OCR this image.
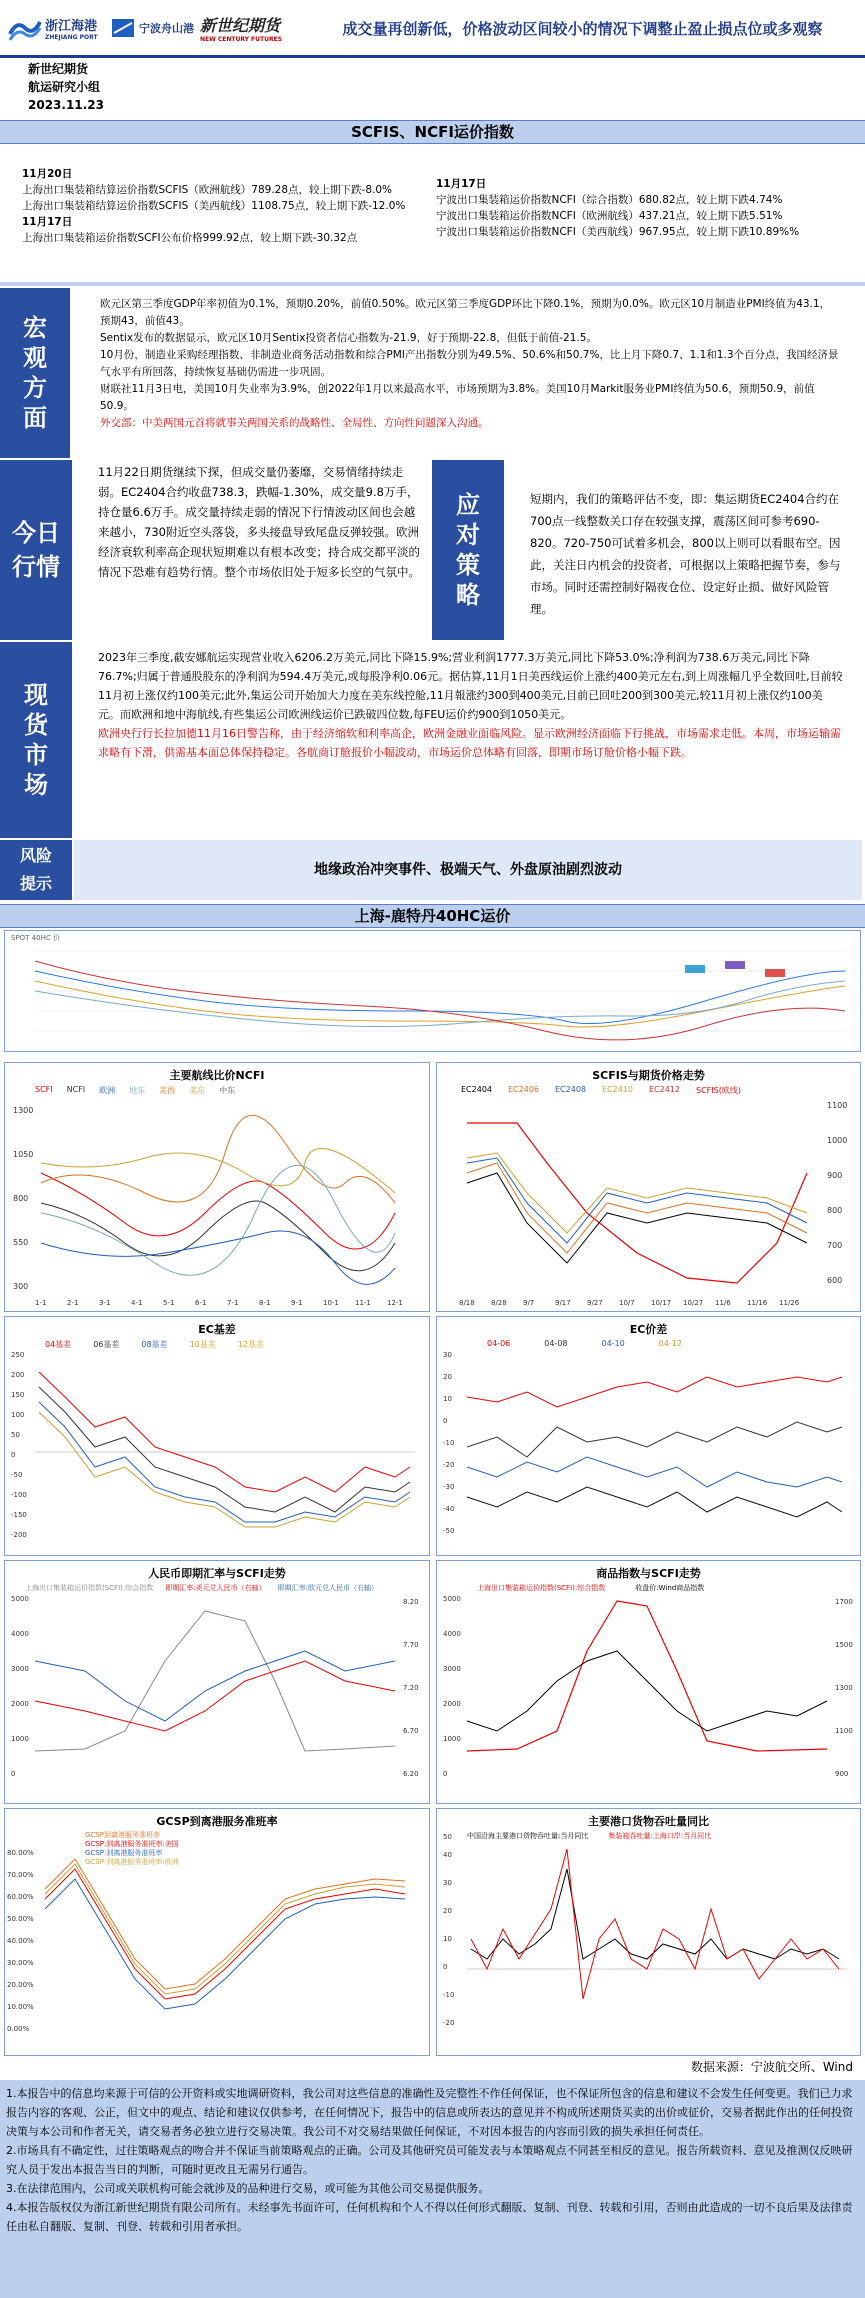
浙江海港
ZHEJIANG PORT
宁波舟山港 新世纪期货
NEW CENTURY FUTURES
成交量再创新低，价格波动区间较小的情况下调整止盈止损点位或多观察
新世纪期货
航运研究小组
2023.11.23
SCFIS、NCFI运价指数

11月20日

上海出口集装箱结算运价指数SCFIS（欧洲航线）789.28点，较上期下跌-8.0%

上海出口集装箱结算运价指数SCFIS（美西航线）1108.75点，较上期下跌-12.0%

11月17日

上海出口集装箱运价指数SCFI公布价格999.92点，较上期下跌-30.32点

11月17日

宁波出口集装箱运价指数NCFI（综合指数）680.82点，较上期下跌4.74%

宁波出口集装箱运价指数NCFI（欧洲航线）437.21点，较上期下跌5.51%

宁波出口集装箱运价指数NCFI（美西航线）967.95点，较上期下跌10.89%%

宏观方面

欧元区第三季度GDP年率初值为0.1%，预期0.20%，前值0.50%。欧元区第三季度GDP环比下降0.1%，预期为0.0%。欧元区10月制造业PMI终值为43.1，预期43，前值43。

Sentix发布的数据显示，欧元区10月Sentix投资者信心指数为-21.9，好于预期-22.8，但低于前值-21.5。

10月份，制造业采购经理指数、非制造业商务活动指数和综合PMI产出指数分别为49.5%、50.6%和50.7%，比上月下降0.7、1.1和1.3个百分点，我国经济景气水平有所回落，持续恢复基础仍需进一步巩固。

财联社11月3日电，美国10月失业率为3.9%，创2022年1月以来最高水平，市场预期为3.8%。美国10月Markit服务业PMI终值为50.6，预期50.9，前值50.9。

外交部：中美两国元首将就事关两国关系的战略性、全局性、方向性问题深入沟通。

今日行情

11月22日期货继续下探，但成交量仍萎靡，交易情绪持续走弱。EC2404合约收盘738.3，跌幅-1.30%，成交量9.8万手，持仓量6.6万手。成交量持续走弱的情况下行情波动区间也会越来越小，730附近空头落袋，多头接盘导致尾盘反弹较强。欧洲经济衰软利率高企现状短期难以有根本改变；持合成交都平淡的情况下恐难有趋势行情。整个市场依旧处于短多长空的气氛中。

应对策略

短期内，我们的策略评估不变，即：集运期货EC2404合约在700点一线整数关口存在较强支撑，震荡区间可参考690-820。720-750可试着多机会，800以上则可以看眼布空。因此，关注日内机会的投资者，可根据以上策略把握节奏，参与市场。同时还需控制好隔夜仓位、设定好止损、做好风险管理。

现货市场

2023年三季度,截安娜航运实现营业收入6206.2万美元,同比下降15.9%;营业利润1777.3万美元,同比下降53.0%;净利润为738.6万美元,同比下降76.7%;归属于普通股股东的净利润为594.4万美元,或每股净利0.06元。据估算,11月1日美西线运价上涨约400美元左右,到上周涨幅几乎全数回吐,目前较11月初上涨仅约100美元;此外,集运公司开始加大力度在美东线控舱,11月報涨约300到400美元,目前已回吐200到300美元,较11月初上涨仅约100美元。而欧洲和地中海航线,有些集运公司欧洲线运价已跌破四位数,每FEU运价约900到1050美元。

欧洲央行行长拉加德11月16日警告称，由于经济缩软和利率高企，欧洲金融业面临风险。显示欧洲经济面临下行挑战，市场需求走低。本周，市场运输需求略有下滑，供需基本面总体保持稳定。各航商订舱报价小幅波动，市场运价总体略有回落，即期市场订舱价格小幅下跌。

风险提示
地缘政治冲突事件、极端天气、外盘原油剧烈波动
上海-鹿特丹40HC运价
SPOT 40HC 价
主要航线比价NCFI
SCFI NCFI 欧洲 地东 美西 美东 中东
300
550
800
1050
1300
1-1	2-1	3-1	4-1	5-1	6-1	7-1	8-1	9-1	10-1 11-1 12-1
SCFIS与期货价格走势
EC2404 EC2406 EC2408 EC2410 EC2412 SCFIS(欧线)
1100
1000
900
800
700
600
8/18 8/28 9/7	9/17 9/27 10/7 10/17 10/27 11/6 11/16 11/26
EC基差
04基差	06基差	08基差	10基差	12基差
250
200
150
100
50
0
-50
-100
-150
-200
EC价差
04-06	04-08	04-10	04-12
30
20
10
0
-10
-20
-30
-40
-50
人民币即期汇率与SCFI走势
上海出口集装箱运价指数(SCFI):综合指数 即期汇率:美元兑人民币（右轴） 即期汇率:欧元兑人民币（右轴）
0
1000
2000
3000
4000
5000
6.20
6.70
7.20
7.70
8.20
商品指数与SCFI走势
上海出口集装箱运价指数(SCFI):综合指数	收盘价:Wind商品指数
0
1000
2000
3000
4000
5000
900
1100
1300
1500
1700
GCSP到离港服务准班率
GCSP到离港服务准班率
GCSP:到离港服务准班率:美国
GCSP:到离港服务准班率
GCSP:到离港服务准班率:欧洲
0.00%
10.00%
20.00%
30.00%
40.00%
50.00%
60.00%
70.00%
80.00%
主要港口货物吞吐量同比
中国沿海主要港口货物吞吐量:当月同比	集装箱吞吐量:上海口岸:当月同比
-20
-10
0
10
20
30
40
50
数据来源：宁波航交所、Wind

1.本报告中的信息均来源于可信的公开资料或实地调研资料，我公司对这些信息的准确性及完整性不作任何保证，也不保证所包含的信息和建议不会发生任何变更。我们已力求报告内容的客观、公正，但文中的观点、结论和建议仅供参考，在任何情况下，报告中的信息或所表达的意见并不构成所述期货买卖的出价或征价，交易者据此作出的任何投资决策与本公司和作者无关，请交易者务必独立进行交易决策。我公司不对交易结果做任何保证，不对因本报告的内容而引致的损失承担任何责任。

2.市场具有不确定性，过往策略观点的吻合并不保证当前策略观点的正确。公司及其他研究员可能发表与本策略观点不同甚至相反的意见。报告所载资料、意见及推测仅反映研究人员于发出本报告当日的判断，可随时更改且无需另行通告。

3.在法律范围内，公司或关联机构可能会就涉及的品种进行交易，或可能为其他公司交易提供服务。

4.本报告版权仅为浙江新世纪期货有限公司所有。未经事先书面许可，任何机构和个人不得以任何形式翻版、复制、刊登、转载和引用，否则由此造成的一切不良后果及法律责任由私自翻版、复制、刊登、转载和引用者承担。
